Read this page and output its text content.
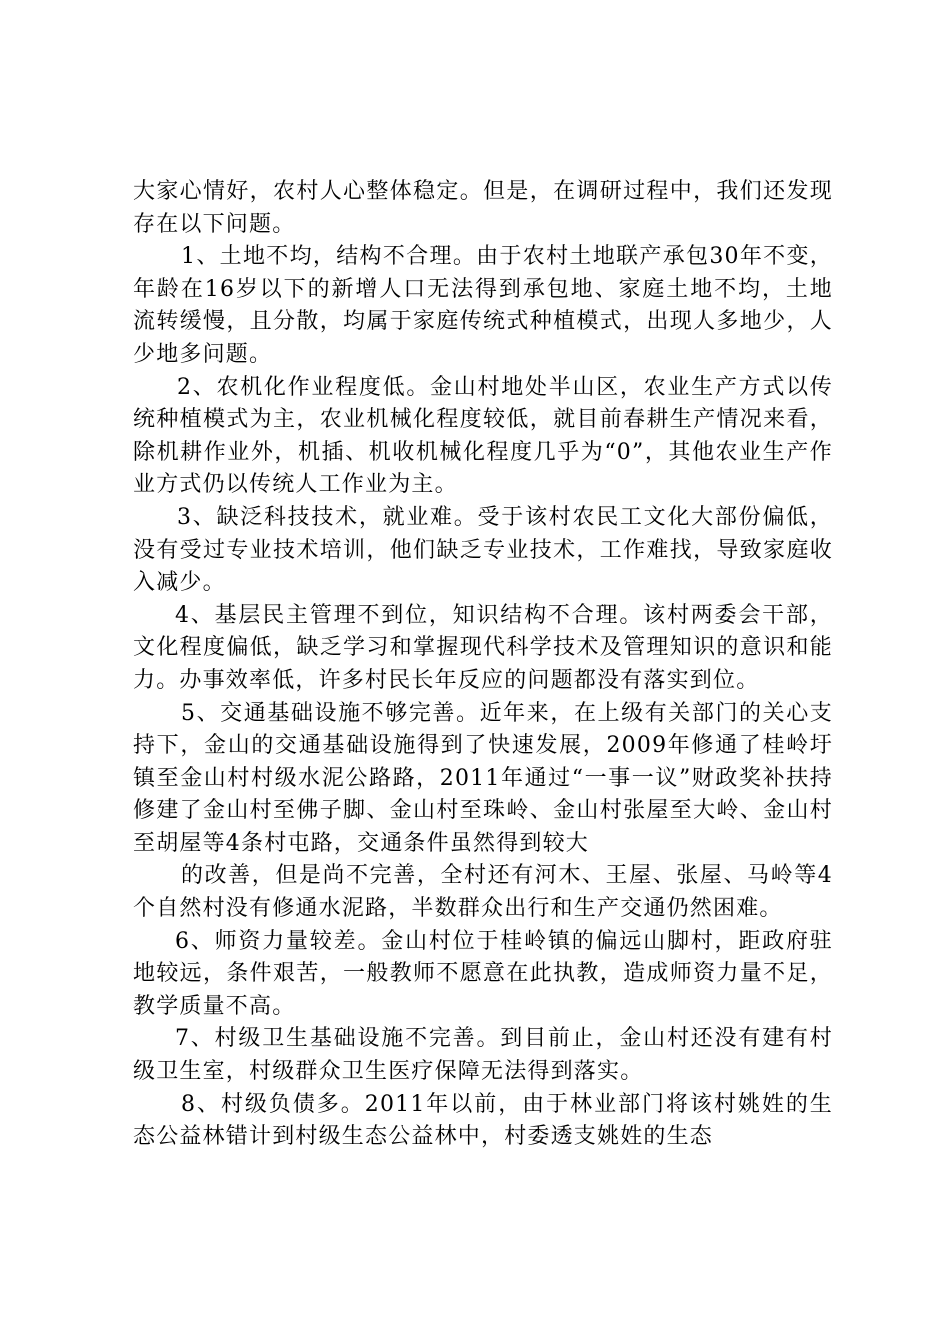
大家心情好，农村人心整体稳定。但是，在调研过程中，我们还发现存在以下问题。

1、土地不均，结构不合理。由于农村土地联产承包30年不变，年龄在16岁以下的新增人口无法得到承包地、家庭土地不均，土地流转缓慢，且分散，均属于家庭传统式种植模式，出现人多地少，人少地多问题。

2、农机化作业程度低。金山村地处半山区，农业生产方式以传统种植模式为主，农业机械化程度较低，就目前春耕生产情况来看，除机耕作业外，机插、机收机械化程度几乎为“0”，其他农业生产作业方式仍以传统人工作业为主。

3、缺泛科技技术，就业难。受于该村农民工文化大部份偏低，没有受过专业技术培训，他们缺乏专业技术，工作难找，导致家庭收入减少。

4、基层民主管理不到位，知识结构不合理。该村两委会干部，文化程度偏低，缺乏学习和掌握现代科学技术及管理知识的意识和能力。办事效率低，许多村民长年反应的问题都没有落实到位。

5、交通基础设施不够完善。近年来，在上级有关部门的关心支持下，金山的交通基础设施得到了快速发展，2009年修通了桂岭圩镇至金山村村级水泥公路路，2011年通过“一事一议”财政奖补扶持修建了金山村至佛子脚、金山村至珠岭、金山村张屋至大岭、金山村至胡屋等4条村屯路，交通条件虽然得到较大

的改善，但是尚不完善，全村还有河木、王屋、张屋、马岭等4个自然村没有修通水泥路，半数群众出行和生产交通仍然困难。

6、师资力量较差。金山村位于桂岭镇的偏远山脚村，距政府驻地较远，条件艰苦，一般教师不愿意在此执教，造成师资力量不足，教学质量不高。

7、村级卫生基础设施不完善。到目前止，金山村还没有建有村级卫生室，村级群众卫生医疗保障无法得到落实。

8、村级负债多。2011年以前，由于林业部门将该村姚姓的生态公益林错计到村级生态公益林中，村委透支姚姓的生态
